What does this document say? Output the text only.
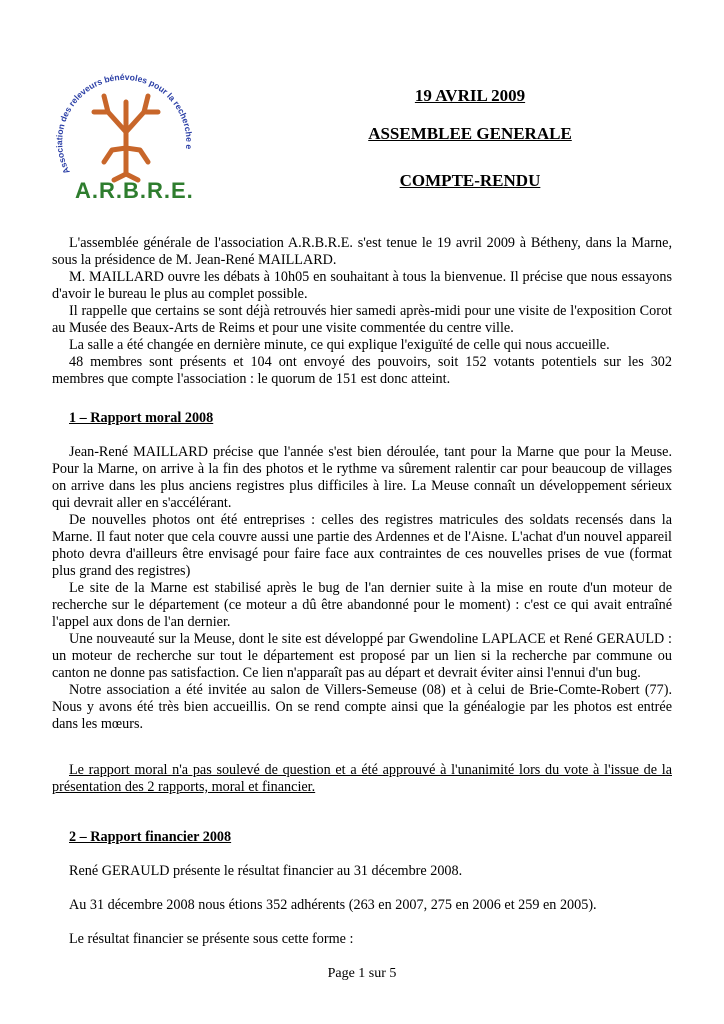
Association des releveurs bénévoles pour la recherche e
A.R.B.R.E.
19 AVRIL 2009
ASSEMBLEE GENERALE
COMPTE-RENDU

L'assemblée générale de l'association A.R.B.R.E. s'est tenue le 19 avril 2009 à Bétheny, dans la Marne, sous la présidence de M. Jean-René MAILLARD.

M. MAILLARD ouvre les débats à 10h05 en souhaitant à tous la bienvenue. Il précise que nous essayons d'avoir le bureau le plus au complet possible.

Il rappelle que certains se sont déjà retrouvés hier samedi après-midi pour une visite de l'exposition Corot au Musée des Beaux-Arts de Reims et pour une visite commentée du centre ville.

La salle a été changée en dernière minute, ce qui explique l'exiguïté de celle qui nous accueille.

48 membres sont présents et 104 ont envoyé des pouvoirs, soit 152 votants potentiels sur les 302 membres que compte l'association : le quorum de 151 est donc atteint.

1 – Rapport moral 2008

Jean-René MAILLARD précise que l'année s'est bien déroulée, tant pour la Marne que pour la Meuse. Pour la Marne, on arrive à la fin des photos et le rythme va sûrement ralentir car pour beaucoup de villages on arrive dans les plus anciens registres plus difficiles à lire. La Meuse connaît un développement sérieux qui devrait aller en s'accélérant.

De nouvelles photos ont été entreprises : celles des registres matricules des soldats recensés dans la Marne. Il faut noter que cela couvre aussi une partie des Ardennes et de l'Aisne. L'achat d'un nouvel appareil photo devra d'ailleurs être envisagé pour faire face aux contraintes de ces nouvelles prises de vue (format plus grand des registres)

Le site de la Marne est stabilisé après le bug de l'an dernier suite à la mise en route d'un moteur de recherche sur le département (ce moteur a dû être abandonné pour le moment) : c'est ce qui avait entraîné l'appel aux dons de l'an dernier.

Une nouveauté sur la Meuse, dont le site est développé par Gwendoline LAPLACE et René GERAULD : un moteur de recherche sur tout le département est proposé par un lien si la recherche par commune ou canton ne donne pas satisfaction. Ce lien n'apparaît pas au départ et devrait éviter ainsi l'ennui d'un bug.

Notre association a été invitée au salon de Villers-Semeuse (08) et à celui de Brie-Comte-Robert (77). Nous y avons été très bien accueillis. On se rend compte ainsi que la généalogie par les photos est entrée dans les mœurs.

Le rapport moral n'a pas soulevé de question et a été approuvé à l'unanimité lors du vote à l'issue de la présentation des 2 rapports, moral et financier.

2 – Rapport financier 2008

René GERAULD présente le résultat financier au 31 décembre 2008.

Au 31 décembre 2008 nous étions 352 adhérents (263 en 2007, 275 en 2006 et 259 en 2005).

Le résultat financier se présente sous cette forme :

Page 1 sur 5
